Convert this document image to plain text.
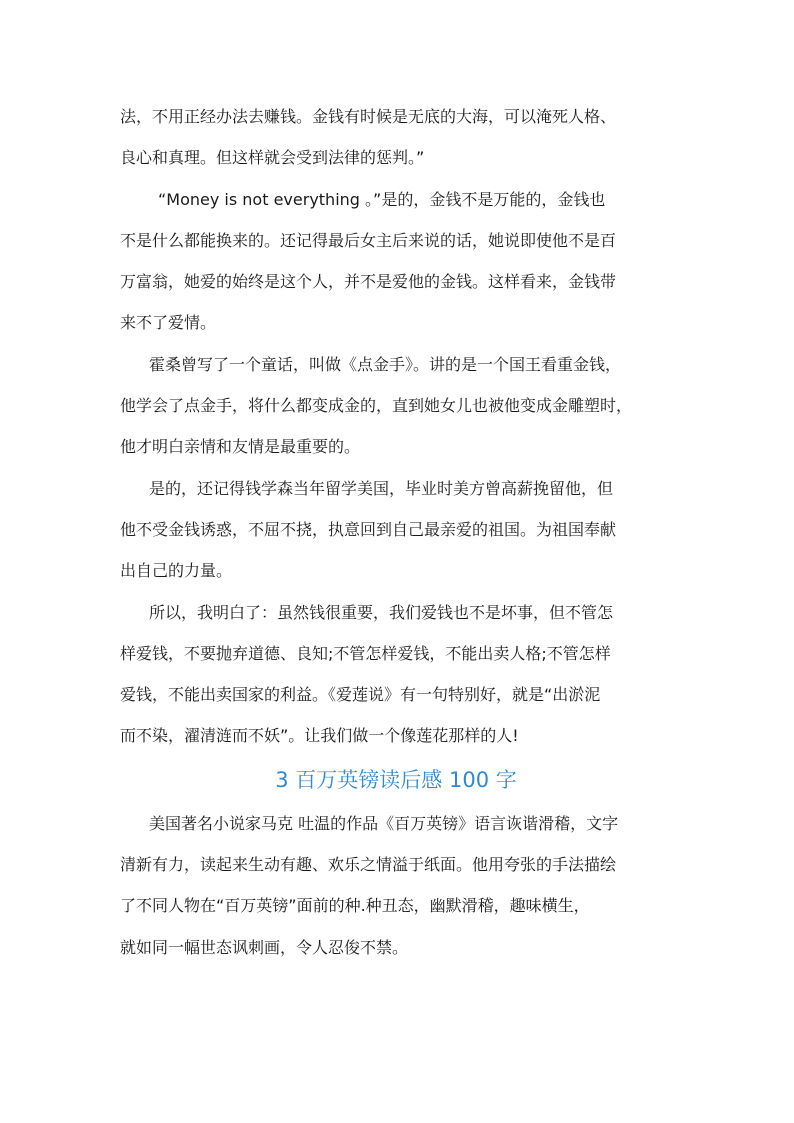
法，不用正经办法去赚钱。金钱有时候是无底的大海，可以淹死人格、
良心和真理。但这样就会受到法律的惩判。”
“Money is not everything 。”是的，金钱不是万能的，金钱也
不是什么都能换来的。还记得最后女主后来说的话，她说即使他不是百
万富翁，她爱的始终是这个人，并不是爱他的金钱。这样看来，金钱带
来不了爱情。
霍桑曾写了一个童话，叫做《点金手》。讲的是一个国王看重金钱，
他学会了点金手，将什么都变成金的，直到她女儿也被他变成金雕塑时，
他才明白亲情和友情是最重要的。
是的，还记得钱学森当年留学美国，毕业时美方曾高薪挽留他，但
他不受金钱诱惑，不屈不挠，执意回到自己最亲爱的祖国。为祖国奉献
出自己的力量。
所以，我明白了：虽然钱很重要，我们爱钱也不是坏事，但不管怎
样爱钱，不要抛弃道德、良知;不管怎样爱钱，不能出卖人格;不管怎样
爱钱，不能出卖国家的利益。《爱莲说》有一句特别好，就是“出淤泥
而不染，濯清涟而不妖”。让我们做一个像莲花那样的人!
3 百万英镑读后感 100 字
美国著名小说家马克 吐温的作品《百万英镑》语言诙谐滑稽，文字
清新有力，读起来生动有趣、欢乐之情溢于纸面。他用夸张的手法描绘
了不同人物在“百万英镑”面前的种.种丑态，幽默滑稽，趣味横生，
就如同一幅世态讽刺画，令人忍俊不禁。
